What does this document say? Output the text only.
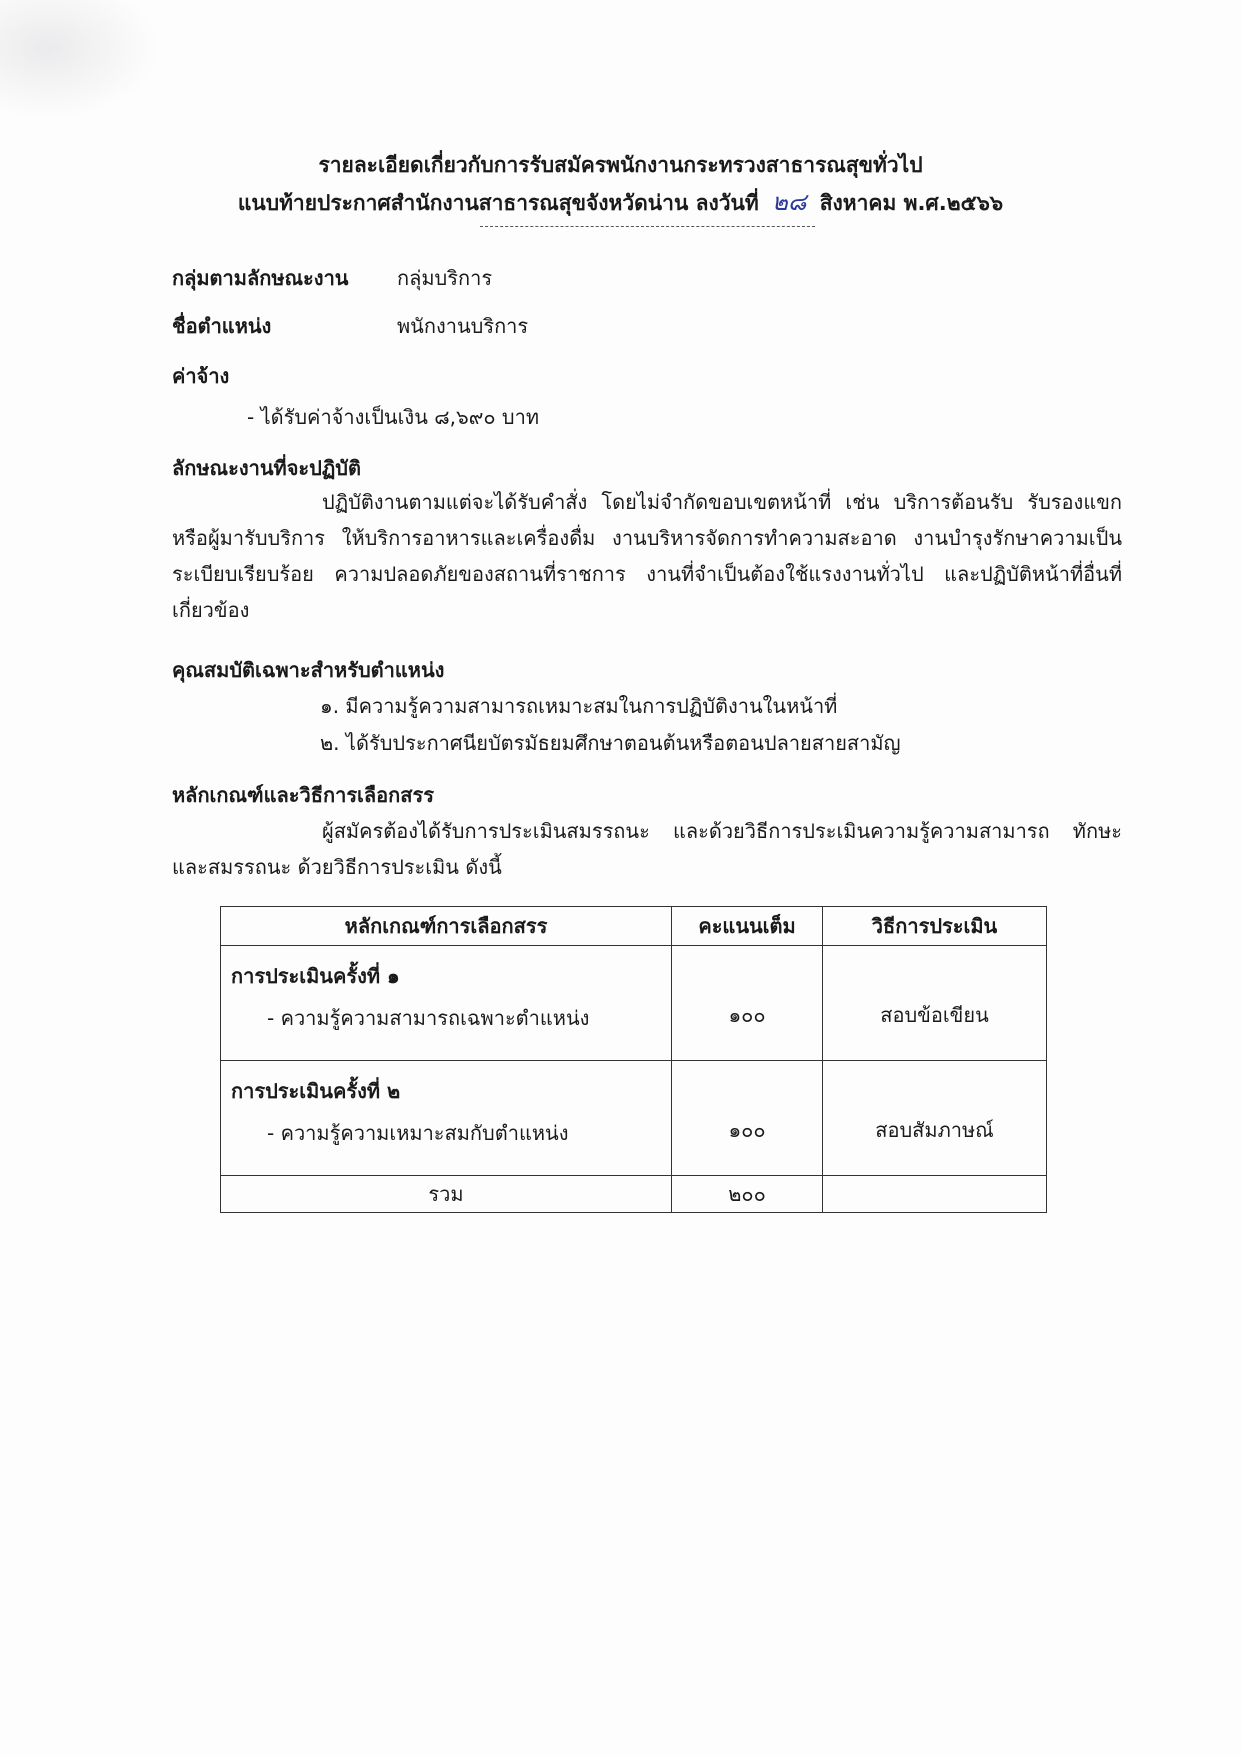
รายละเอียดเกี่ยวกับการรับสมัครพนักงานกระทรวงสาธารณสุขทั่วไป
แนบท้ายประกาศสำนักงานสาธารณสุขจังหวัดน่าน ลงวันที่ ๒๘ สิงหาคม พ.ศ.๒๕๖๖
กลุ่มตามลักษณะงาน กลุ่มบริการ
ชื่อตำแหน่ง	พนักงานบริการ
ค่าจ้าง
- ได้รับค่าจ้างเป็นเงิน ๘,๖๙๐ บาท
ลักษณะงานที่จะปฏิบัติ

ปฏิบัติงานตามแต่จะได้รับคำสั่ง โดยไม่จำกัดขอบเขตหน้าที่ เช่น บริการต้อนรับ รับรองแขกหรือผู้มารับบริการ ให้บริการอาหารและเครื่องดื่ม งานบริหารจัดการทำความสะอาด งานบำรุงรักษาความเป็นระเบียบเรียบร้อย ความปลอดภัยของสถานที่ราชการ งานที่จำเป็นต้องใช้แรงงานทั่วไป และปฏิบัติหน้าที่อื่นที่เกี่ยวข้อง

คุณสมบัติเฉพาะสำหรับตำแหน่ง
๑. มีความรู้ความสามารถเหมาะสมในการปฏิบัติงานในหน้าที่
๒. ได้รับประกาศนียบัตรมัธยมศึกษาตอนต้นหรือตอนปลายสายสามัญ
หลักเกณฑ์และวิธีการเลือกสรร

ผู้สมัครต้องได้รับการประเมินสมรรถนะ และด้วยวิธีการประเมินความรู้ความสามารถ ทักษะ และสมรรถนะ ด้วยวิธีการประเมิน ดังนี้

หลักเกณฑ์การเลือกสรร	คะแนนเต็ม	วิธีการประเมิน

การประเมินครั้งที่ ๑
- ความรู้ความสามารถเฉพาะตำแหน่ง	๑๐๐	สอบข้อเขียน

การประเมินครั้งที่ ๒
- ความรู้ความเหมาะสมกับตำแหน่ง	๑๐๐	สอบสัมภาษณ์
รวม	๒๐๐	
